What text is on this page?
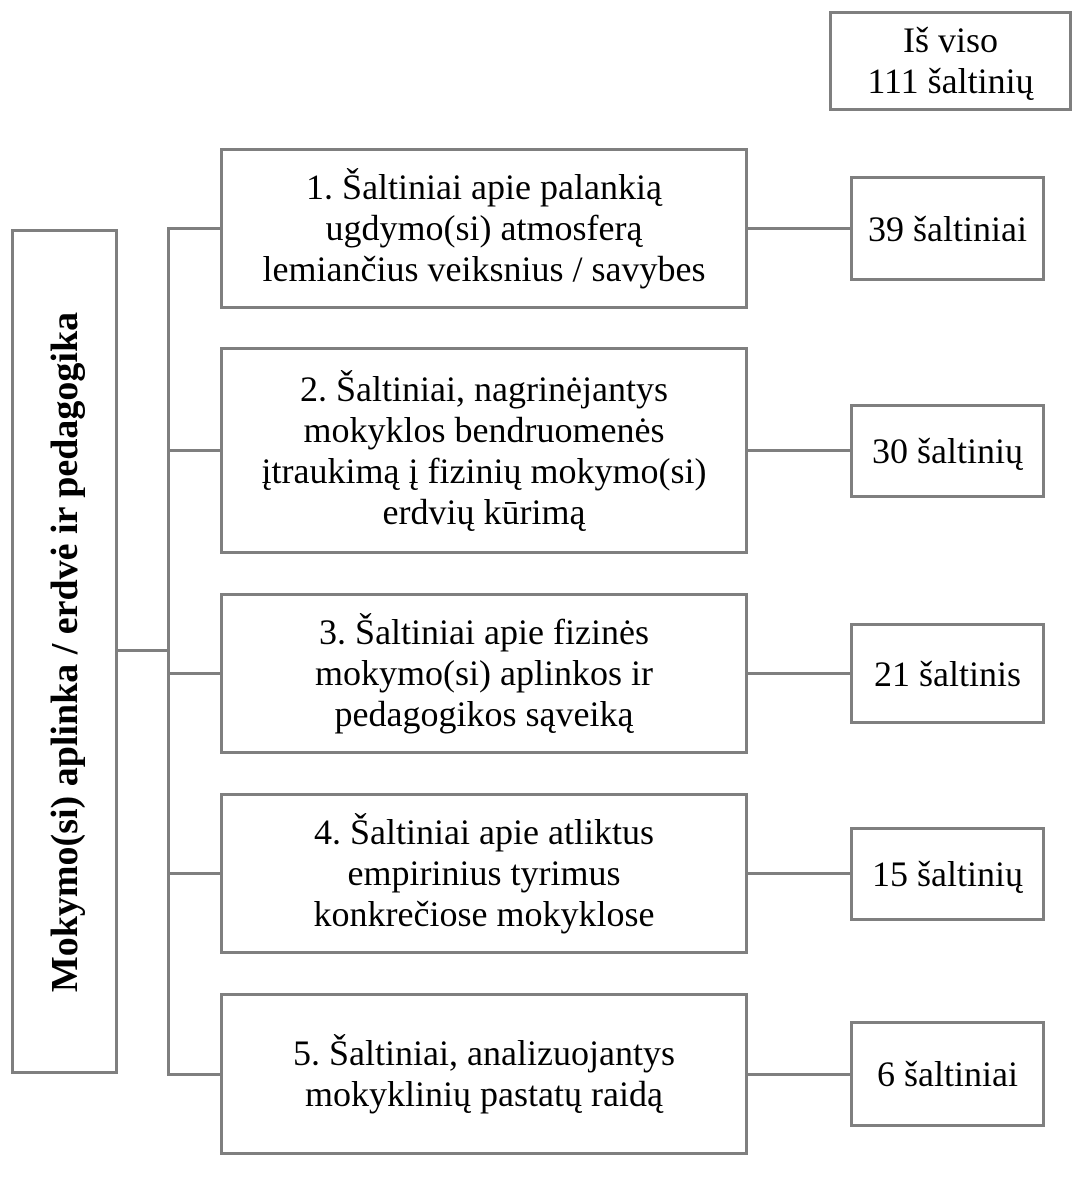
Iš viso
111 šaltinių
Mokymo(si) aplinka / erdvė ir pedagogika
1. Šaltiniai apie palankią
ugdymo(si) atmosferą
lemiančius veiksnius / savybes
39 šaltiniai
2. Šaltiniai, nagrinėjantys
mokyklos bendruomenės
įtraukimą į fizinių mokymo(si)
erdvių kūrimą
30 šaltinių
3. Šaltiniai apie fizinės
mokymo(si) aplinkos ir
pedagogikos sąveiką
21 šaltinis
4. Šaltiniai apie atliktus
empirinius tyrimus
konkrečiose mokyklose
15 šaltinių
5. Šaltiniai, analizuojantys
mokyklinių pastatų raidą	6 šaltiniai
